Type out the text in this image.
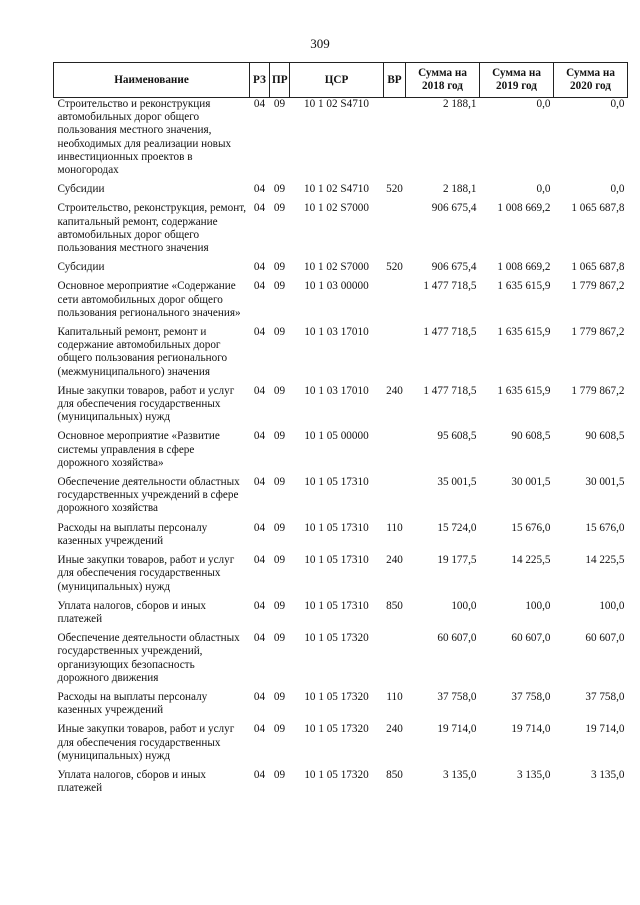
309
Наименование	РЗ	ПР	ЦСР	ВР	Сумма на 2018 год	Сумма на 2019 год	Сумма на 2020 год
Строительство и реконструкция автомобильных дорог общего пользования местного значения, необходимых для реализации новых инвестиционных проектов в моногородах	04	09	10 1 02 S4710		2 188,1	0,0	0,0
Субсидии	04	09	10 1 02 S4710	520	2 188,1	0,0	0,0
Строительство, реконструкция, ремонт, капитальный ремонт, содержание автомобильных дорог общего пользования местного значения	04	09	10 1 02 S7000		906 675,4	1 008 669,2	1 065 687,8
Субсидии	04	09	10 1 02 S7000	520	906 675,4	1 008 669,2	1 065 687,8
Основное мероприятие «Содержание сети автомобильных дорог общего пользования регионального значения»	04	09	10 1 03 00000		1 477 718,5	1 635 615,9	1 779 867,2
Капитальный ремонт, ремонт и содержание автомобильных дорог общего пользования регионального (межмуниципального) значения	04	09	10 1 03 17010		1 477 718,5	1 635 615,9	1 779 867,2
Иные закупки товаров, работ и услуг для обеспечения государственных (муниципальных) нужд	04	09	10 1 03 17010	240	1 477 718,5	1 635 615,9	1 779 867,2
Основное мероприятие «Развитие системы управления в сфере дорожного хозяйства»	04	09	10 1 05 00000		95 608,5	90 608,5	90 608,5
Обеспечение деятельности областных государственных учреждений в сфере дорожного хозяйства	04	09	10 1 05 17310		35 001,5	30 001,5	30 001,5
Расходы на выплаты персоналу казенных учреждений	04	09	10 1 05 17310	110	15 724,0	15 676,0	15 676,0
Иные закупки товаров, работ и услуг для обеспечения государственных (муниципальных) нужд	04	09	10 1 05 17310	240	19 177,5	14 225,5	14 225,5
Уплата налогов, сборов и иных платежей	04	09	10 1 05 17310	850	100,0	100,0	100,0
Обеспечение деятельности областных государственных учреждений, организующих безопасность дорожного движения	04	09	10 1 05 17320		60 607,0	60 607,0	60 607,0
Расходы на выплаты персоналу казенных учреждений	04	09	10 1 05 17320	110	37 758,0	37 758,0	37 758,0
Иные закупки товаров, работ и услуг для обеспечения государственных (муниципальных) нужд	04	09	10 1 05 17320	240	19 714,0	19 714,0	19 714,0
Уплата налогов, сборов и иных платежей	04	09	10 1 05 17320	850	3 135,0	3 135,0	3 135,0
